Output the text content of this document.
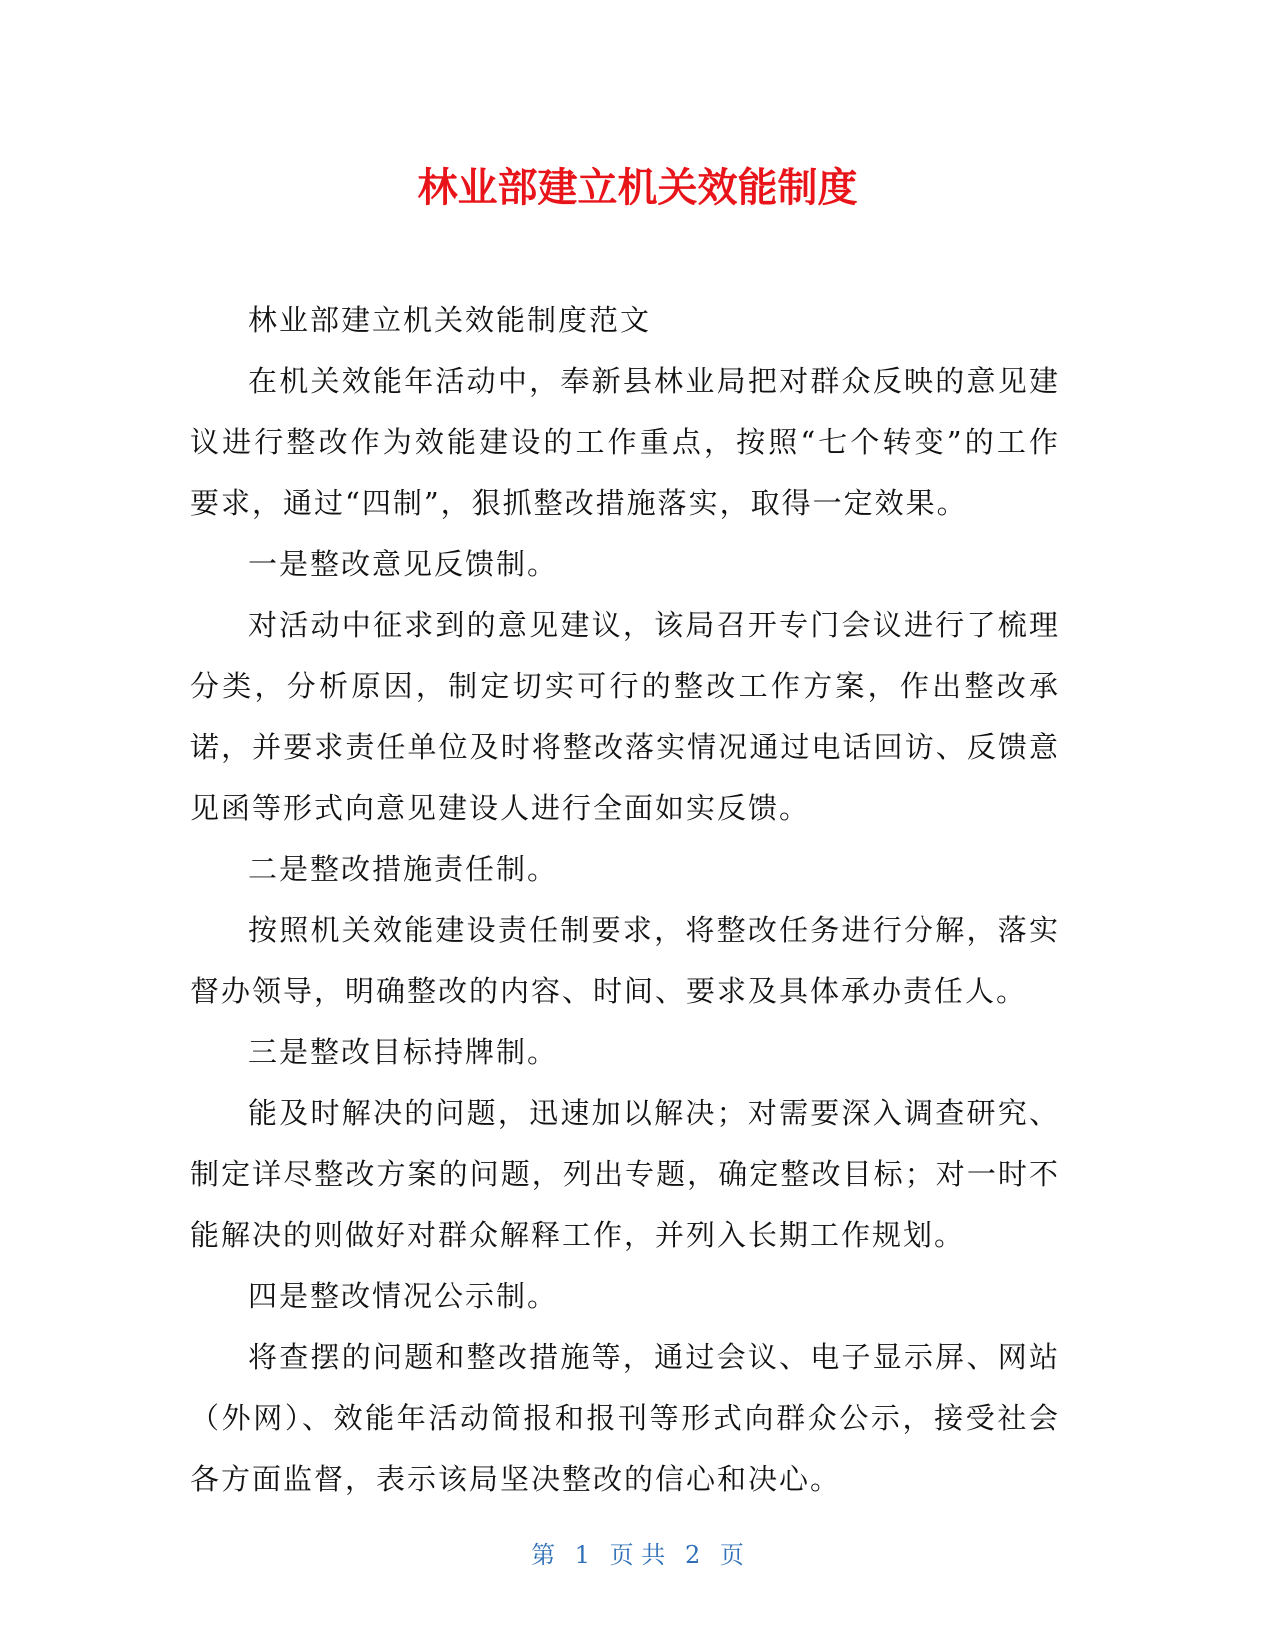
林业部建立机关效能制度

林业部建立机关效能制度范文

在机关效能年活动中，奉新县林业局把对群众反映的意见建议进行整改作为效能建设的工作重点，按照“七个转变”的工作要求，通过“四制”，狠抓整改措施落实，取得一定效果。

一是整改意见反馈制。

对活动中征求到的意见建议，该局召开专门会议进行了梳理分类，分析原因，制定切实可行的整改工作方案，作出整改承诺，并要求责任单位及时将整改落实情况通过电话回访、反馈意见函等形式向意见建设人进行全面如实反馈。

二是整改措施责任制。

按照机关效能建设责任制要求，将整改任务进行分解，落实督办领导，明确整改的内容、时间、要求及具体承办责任人。

三是整改目标持牌制。

能及时解决的问题，迅速加以解决；对需要深入调查研究、制定详尽整改方案的问题，列出专题，确定整改目标；对一时不能解决的则做好对群众解释工作，并列入长期工作规划。

四是整改情况公示制。

将查摆的问题和整改措施等，通过会议、电子显示屏、网站（外网）、效能年活动简报和报刊等形式向群众公示，接受社会各方面监督，表示该局坚决整改的信心和决心。

第 1 页 共 2 页
